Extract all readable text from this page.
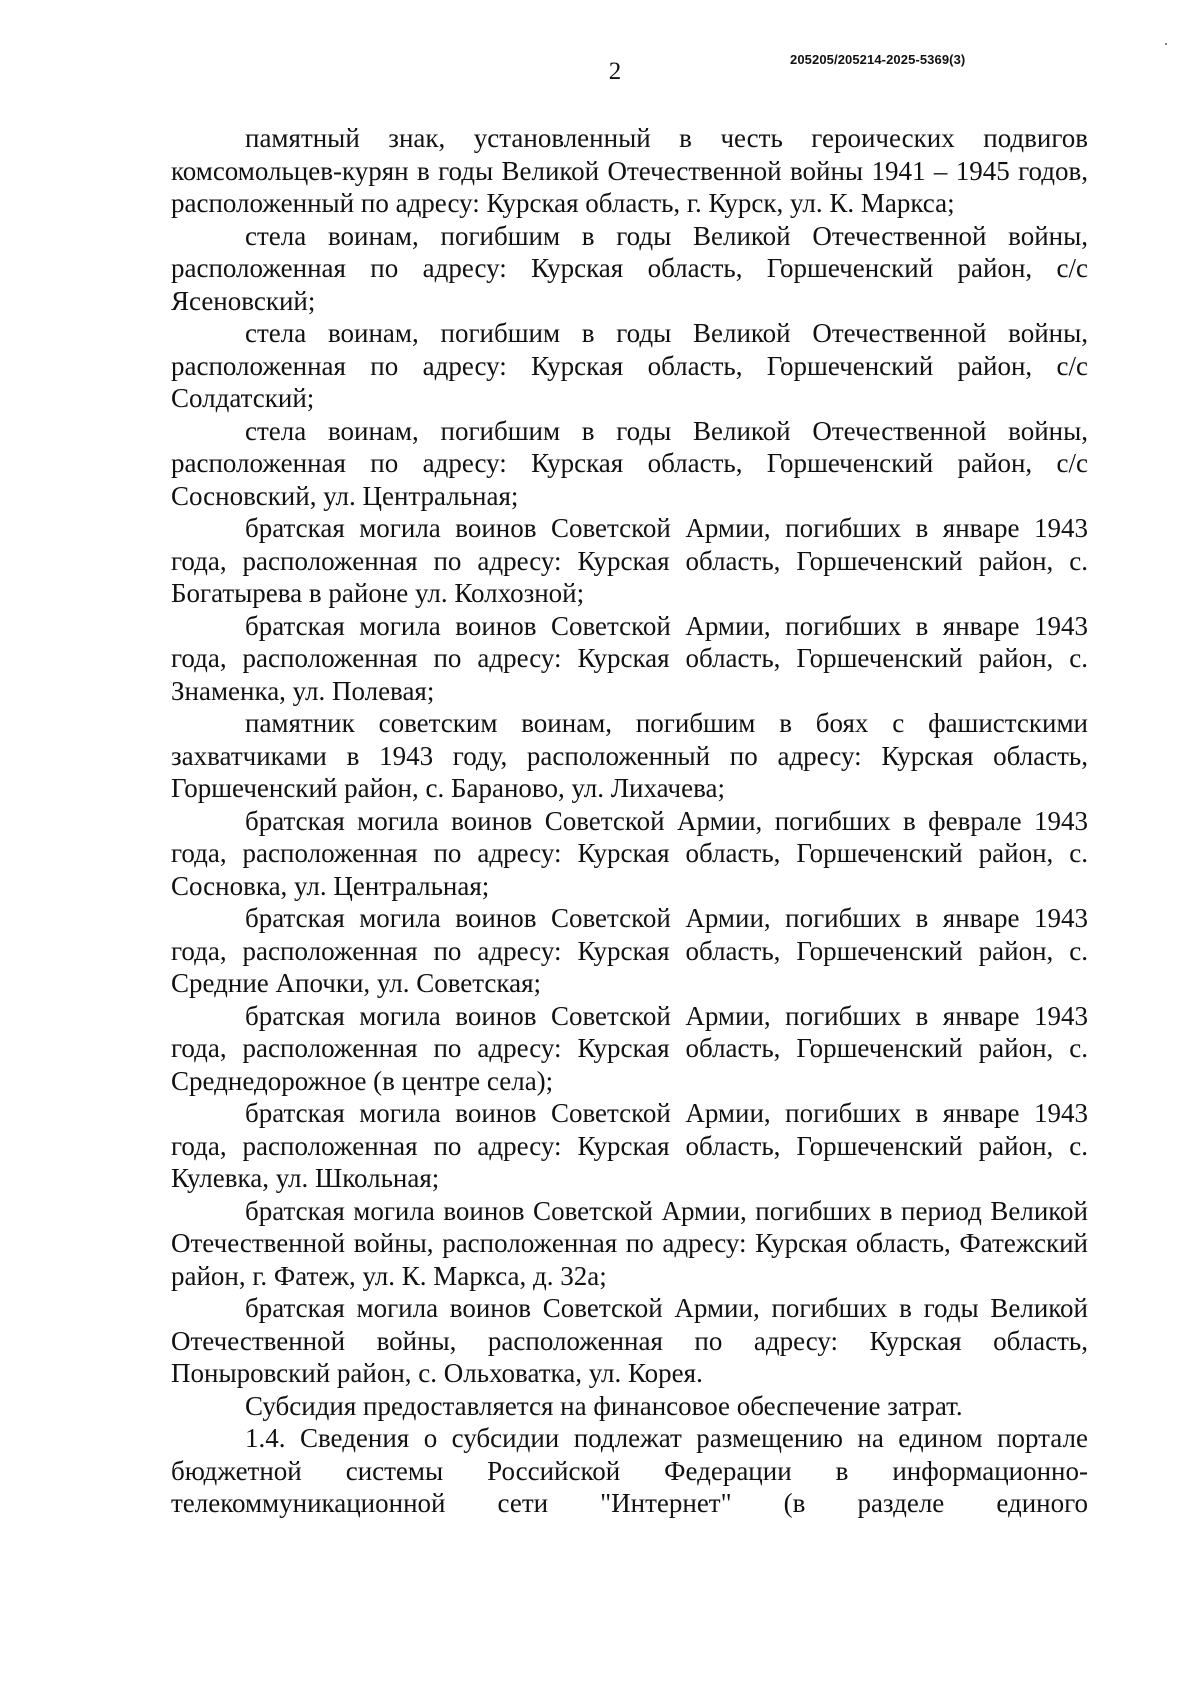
205205/205214-2025-5369(3)
2

памятный знак, установленный в честь героических подвигов комсомольцев-курян в годы Великой Отечественной войны 1941 – 1945 годов, расположенный по адресу: Курская область, г. Курск, ул. К. Маркса;

стела воинам, погибшим в годы Великой Отечественной войны, расположенная по адресу: Курская область, Горшеченский район, с/с Ясеновский;

стела воинам, погибшим в годы Великой Отечественной войны, расположенная по адресу: Курская область, Горшеченский район, с/с Солдатский;

стела воинам, погибшим в годы Великой Отечественной войны, расположенная по адресу: Курская область, Горшеченский район, с/с Сосновский, ул. Центральная;

братская могила воинов Советской Армии, погибших в январе 1943 года, расположенная по адресу: Курская область, Горшеченский район, с. Богатырева в районе ул. Колхозной;

братская могила воинов Советской Армии, погибших в январе 1943 года, расположенная по адресу: Курская область, Горшеченский район, с. Знаменка, ул. Полевая;

памятник советским воинам, погибшим в боях с фашистскими захватчиками в 1943 году, расположенный по адресу: Курская область, Горшеченский район, с. Бараново, ул. Лихачева;

братская могила воинов Советской Армии, погибших в феврале 1943 года, расположенная по адресу: Курская область, Горшеченский район, с. Сосновка, ул. Центральная;

братская могила воинов Советской Армии, погибших в январе 1943 года, расположенная по адресу: Курская область, Горшеченский район, с. Средние Апочки, ул. Советская;

братская могила воинов Советской Армии, погибших в январе 1943 года, расположенная по адресу: Курская область, Горшеченский район, с. Среднедорожное (в центре села);

братская могила воинов Советской Армии, погибших в январе 1943 года, расположенная по адресу: Курская область, Горшеченский район, с. Кулевка, ул. Школьная;

братская могила воинов Советской Армии, погибших в период Великой Отечественной войны, расположенная по адресу: Курская область, Фатежский район, г. Фатеж, ул. К. Маркса, д. 32а;

братская могила воинов Советской Армии, погибших в годы Великой Отечественной войны, расположенная по адресу: Курская область, Поныровский район, с. Ольховатка, ул. Корея.

Субсидия предоставляется на финансовое обеспечение затрат.

1.4. Сведения о субсидии подлежат размещению на едином портале бюджетной системы Российской Федерации в информационно-телекоммуникационной сети "Интернет" (в разделе единого
